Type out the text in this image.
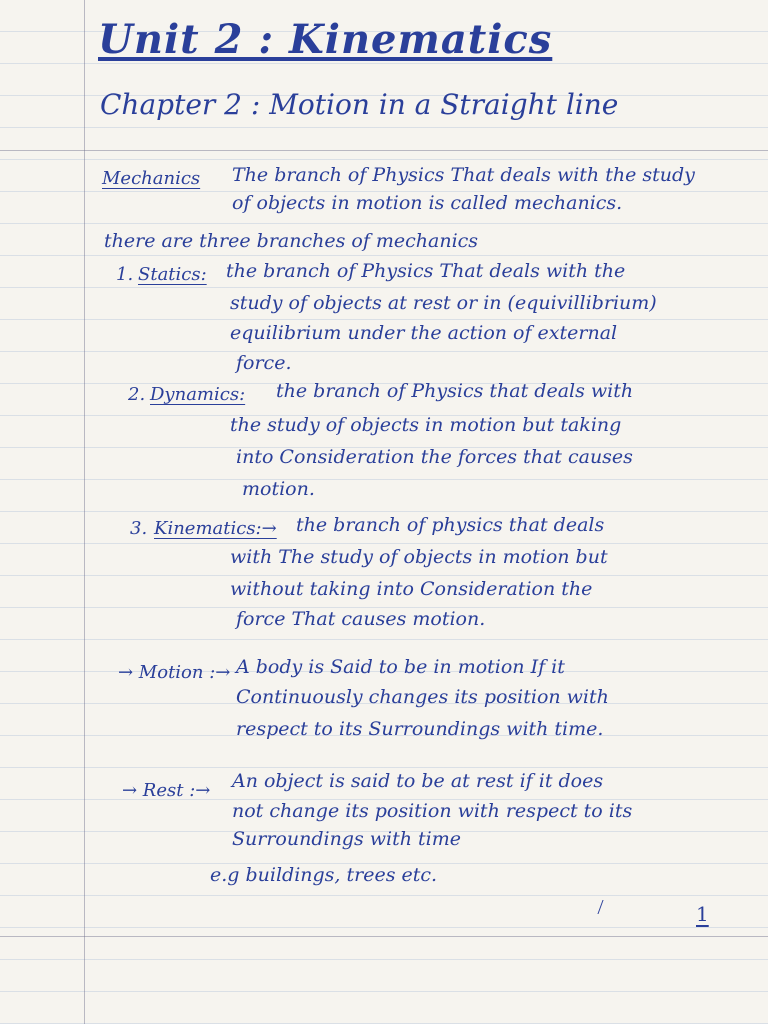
Unit 2 : Kinematics
Chapter 2 : Motion in a Straight line
Mechanics The branch of Physics That deals with the study
of objects in motion is called mechanics.
there are three branches of mechanics
1. Statics: the branch of Physics That deals with the
study of objects at rest or in (equivillibrium)
equilibrium under the action of external
force.
2. Dynamics: the branch of Physics that deals with
the study of objects in motion but taking
into Consideration the forces that causes
motion.
3. Kinematics:→ the branch of physics that deals
with The study of objects in motion but
without taking into Consideration the
force That causes motion.
→ Motion :→ A body is Said to be in motion If it
Continuously changes its position with
respect to its Surroundings with time.
→ Rest :→ An object is said to be at rest if it does
not change its position with respect to its
Surroundings with time
e.g buildings, trees etc.
1
